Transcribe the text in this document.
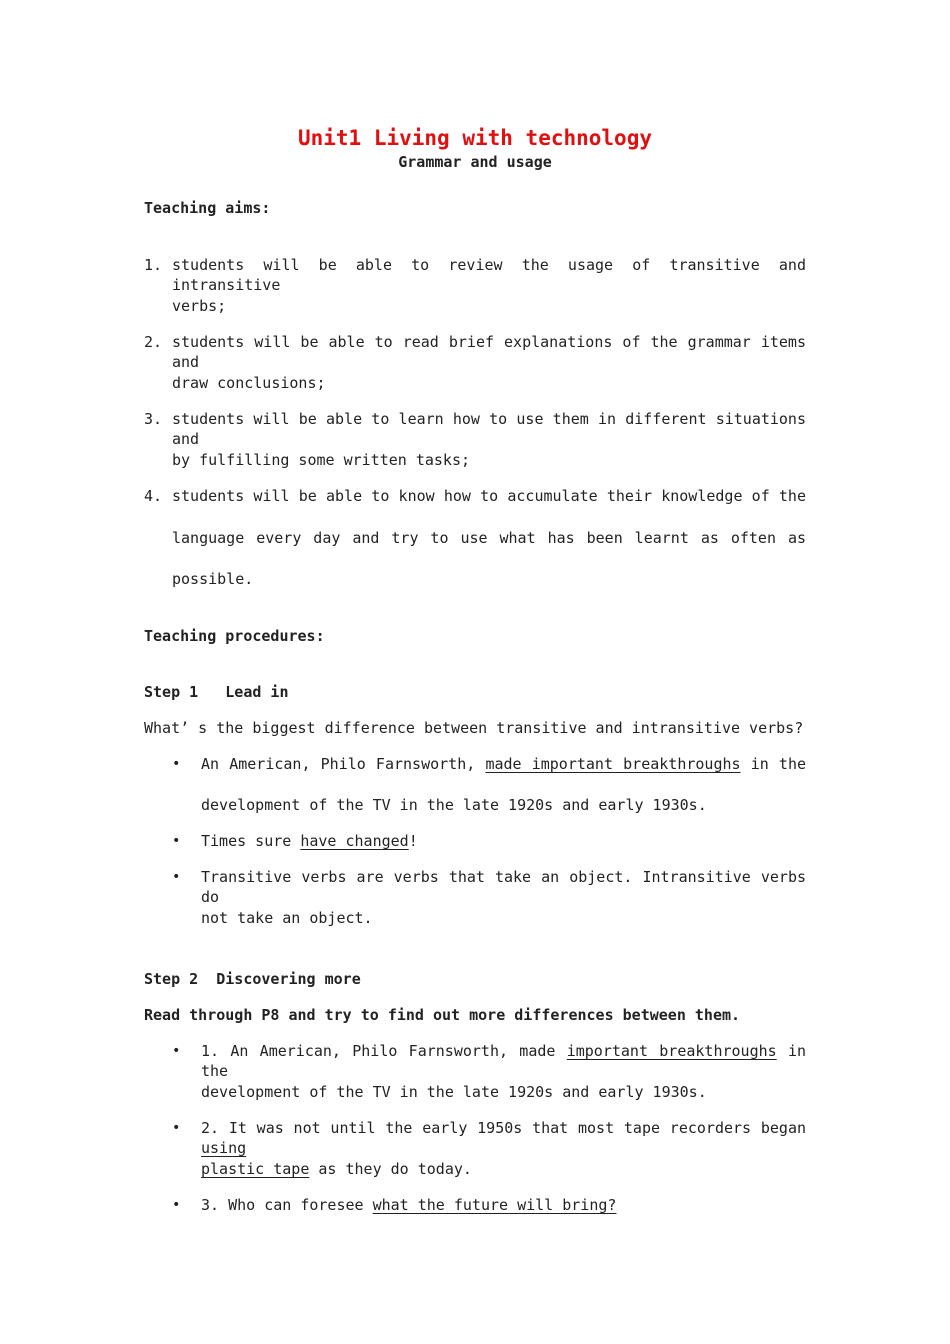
Unit1 Living with technology
Grammar and usage
Teaching aims:
1. students will be able to review the usage of transitive and intransitive
verbs;
2. students will be able to read brief explanations of the grammar items and
draw conclusions;
3. students will be able to learn how to use them in different situations and
by fulfilling some written tasks;
4. students will be able to know how to accumulate their knowledge of the
language every day and try to use what has been learnt as often as
possible.
Teaching procedures:
Step 1   Lead in
What’ s the biggest difference between transitive and intransitive verbs?
• An American, Philo Farnsworth, made important breakthroughs in the
development of the TV in the late 1920s and early 1930s.
• Times sure have changed!
• Transitive verbs are verbs that take an object. Intransitive verbs do
not take an object.
Step 2  Discovering more
Read through P8 and try to find out more differences between them.
• 1. An American, Philo Farnsworth, made important breakthroughs in the
development of the TV in the late 1920s and early 1930s.
• 2. It was not until the early 1950s that most tape recorders began using
plastic tape as they do today.
• 3. Who can foresee what the future will bring?
